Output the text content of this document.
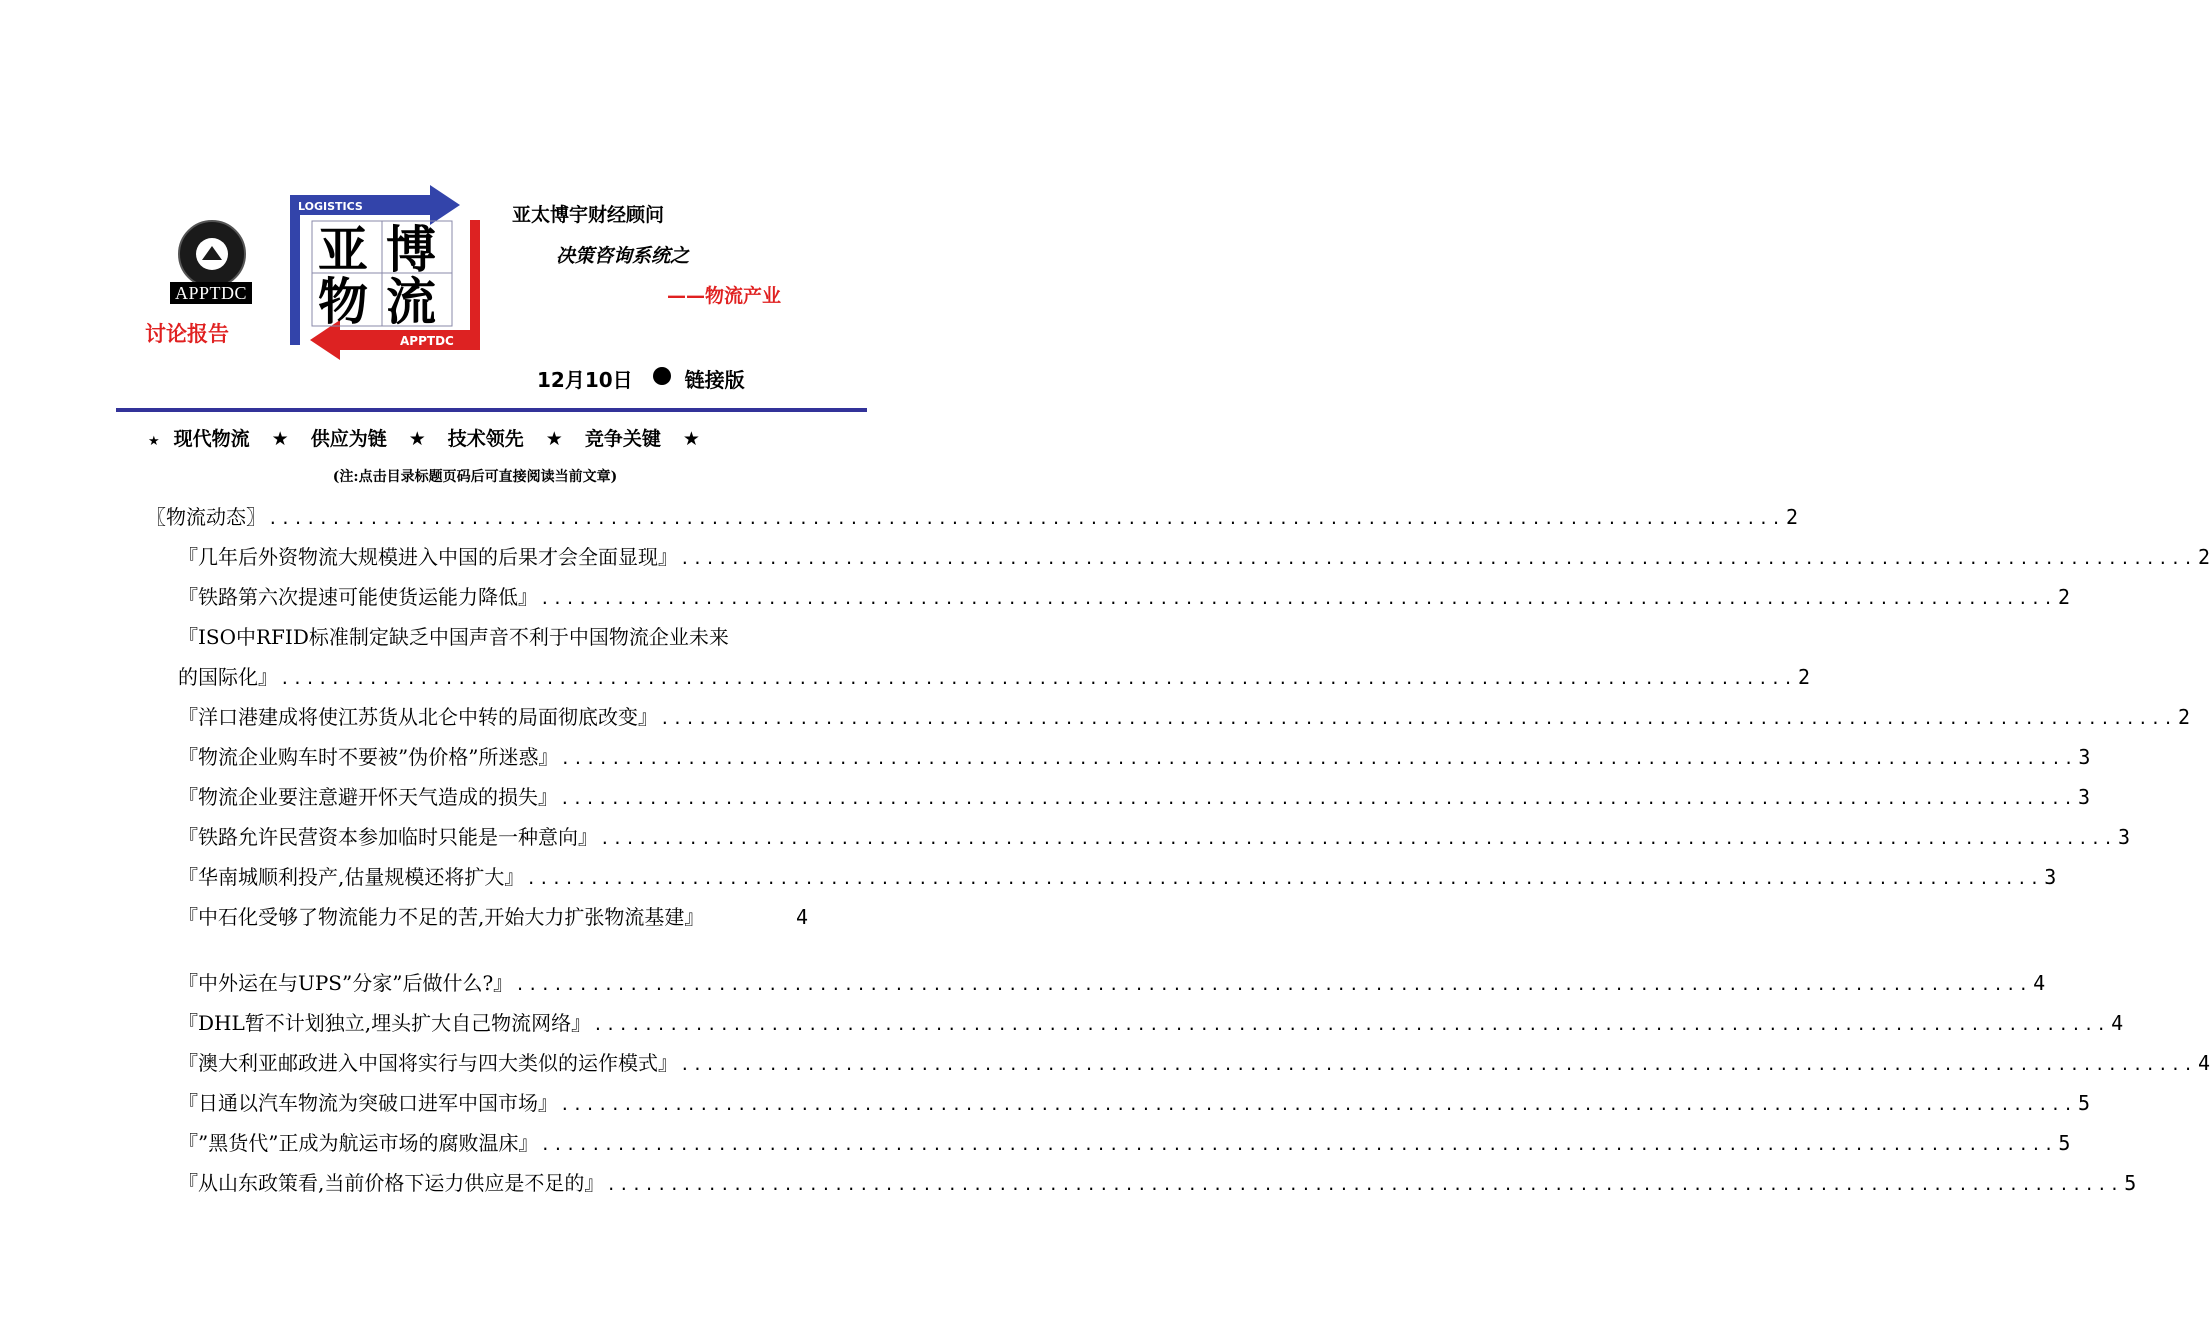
APPTDC
讨论报告
LOGISTICS
亚 博
物 流
APPTDC
亚太博宇财经顾问
决策咨询系统之
——物流产业
12月10日	链接版
★ 现代物流 ★ 供应为链 ★ 技术领先 ★ 竞争关键 ★
(注:点击目录标题页码后可直接阅读当前文章)
〖物流动态〗 ........................................................................................................................ 2
『几年后外资物流大规模进入中国的后果才会全面显现』 ........................................................................................................................ 2
『铁路第六次提速可能使货运能力降低』 ........................................................................................................................ 2
『ISO中RFID标准制定缺乏中国声音不利于中国物流企业未来
的国际化』 ........................................................................................................................ 2
『洋口港建成将使江苏货从北仑中转的局面彻底改变』 ........................................................................................................................ 2
『物流企业购车时不要被”伪价格”所迷惑』 ........................................................................................................................ 3
『物流企业要注意避开怀天气造成的损失』 ........................................................................................................................ 3
『铁路允许民营资本参加临时只能是一种意向』 ........................................................................................................................ 3
『华南城顺利投产,估量规模还将扩大』 ........................................................................................................................ 3
『中石化受够了物流能力不足的苦,开始大力扩张物流基建』	4
『中外运在与UPS”分家”后做什么?』 ........................................................................................................................ 4
『DHL暂不计划独立,埋头扩大自己物流网络』 ........................................................................................................................ 4
『澳大利亚邮政进入中国将实行与四大类似的运作模式』 ........................................................................................................................ 4
『日通以汽车物流为突破口进军中国市场』 ........................................................................................................................ 5
『”黑货代”正成为航运市场的腐败温床』 ........................................................................................................................ 5
『从山东政策看,当前价格下运力供应是不足的』 ........................................................................................................................ 5
